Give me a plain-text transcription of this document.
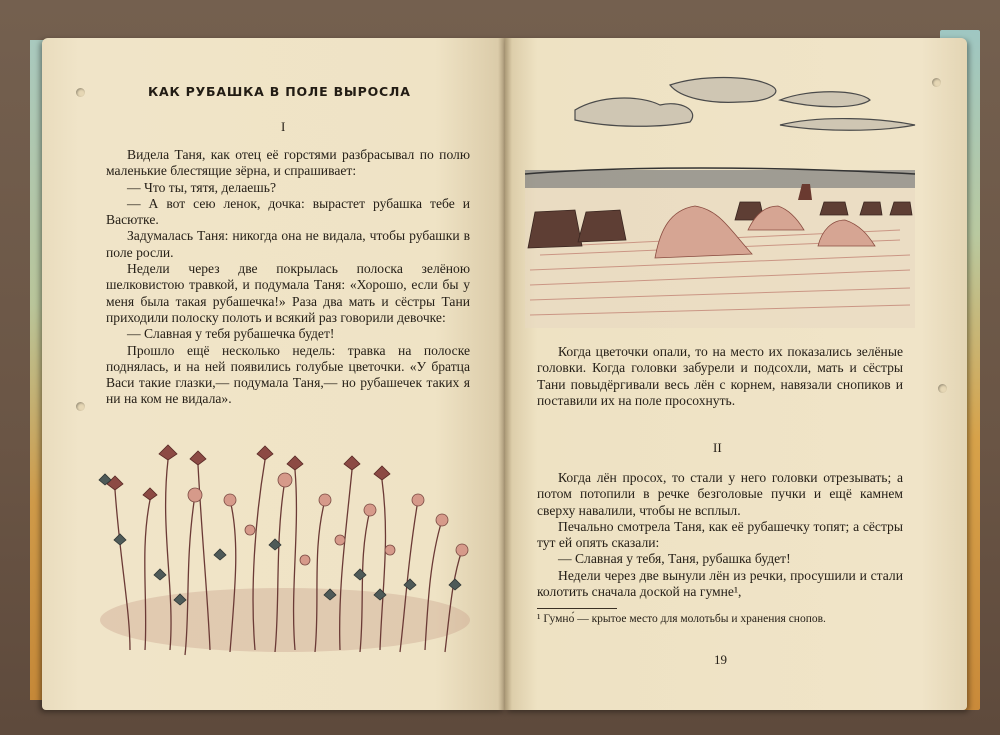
КАК РУБАШКА В ПОЛЕ ВЫРОСЛА
I

Видела Таня, как отец её горстями разбрасывал по полю маленькие блестящие зёрна, и спрашивает:

— Что ты, тятя, делаешь?

— А вот сею ленок, дочка: вырастет рубашка тебе и Васютке.

Задумалась Таня: никогда она не видала, чтобы рубашки в поле росли.

Недели через две покрылась полоска зелёною шелковистою травкой, и подумала Таня: «Хорошо, если бы у меня была такая рубашечка!» Раза два мать и сёстры Тани приходили полоску полоть и всякий раз говорили девочке:

— Славная у тебя рубашечка будет!

Прошло ещё несколько недель: травка на полоске поднялась, и на ней появились голубые цветочки. «У братца Васи такие глазки,— подумала Таня,— но рубашечек таких я ни на ком не видала».

Когда цветочки опали, то на место их показались зелёные головки. Когда головки забурели и подсохли, мать и сёстры Тани повыдёргивали весь лён с корнем, навязали снопиков и поставили их на поле просохнуть.

II

Когда лён просох, то стали у него головки отрезывать; а потом потопили в речке безголовые пучки и ещё камнем сверху навалили, чтобы не всплыл.

Печально смотрела Таня, как её рубашечку топят; а сёстры тут ей опять сказали:

— Славная у тебя, Таня, рубашка будет!

Недели через две вынули лён из речки, просушили и стали колотить сначала доской на гумне¹,

¹ Гумно́ — крытое место для молотьбы и хранения снопов.
19
